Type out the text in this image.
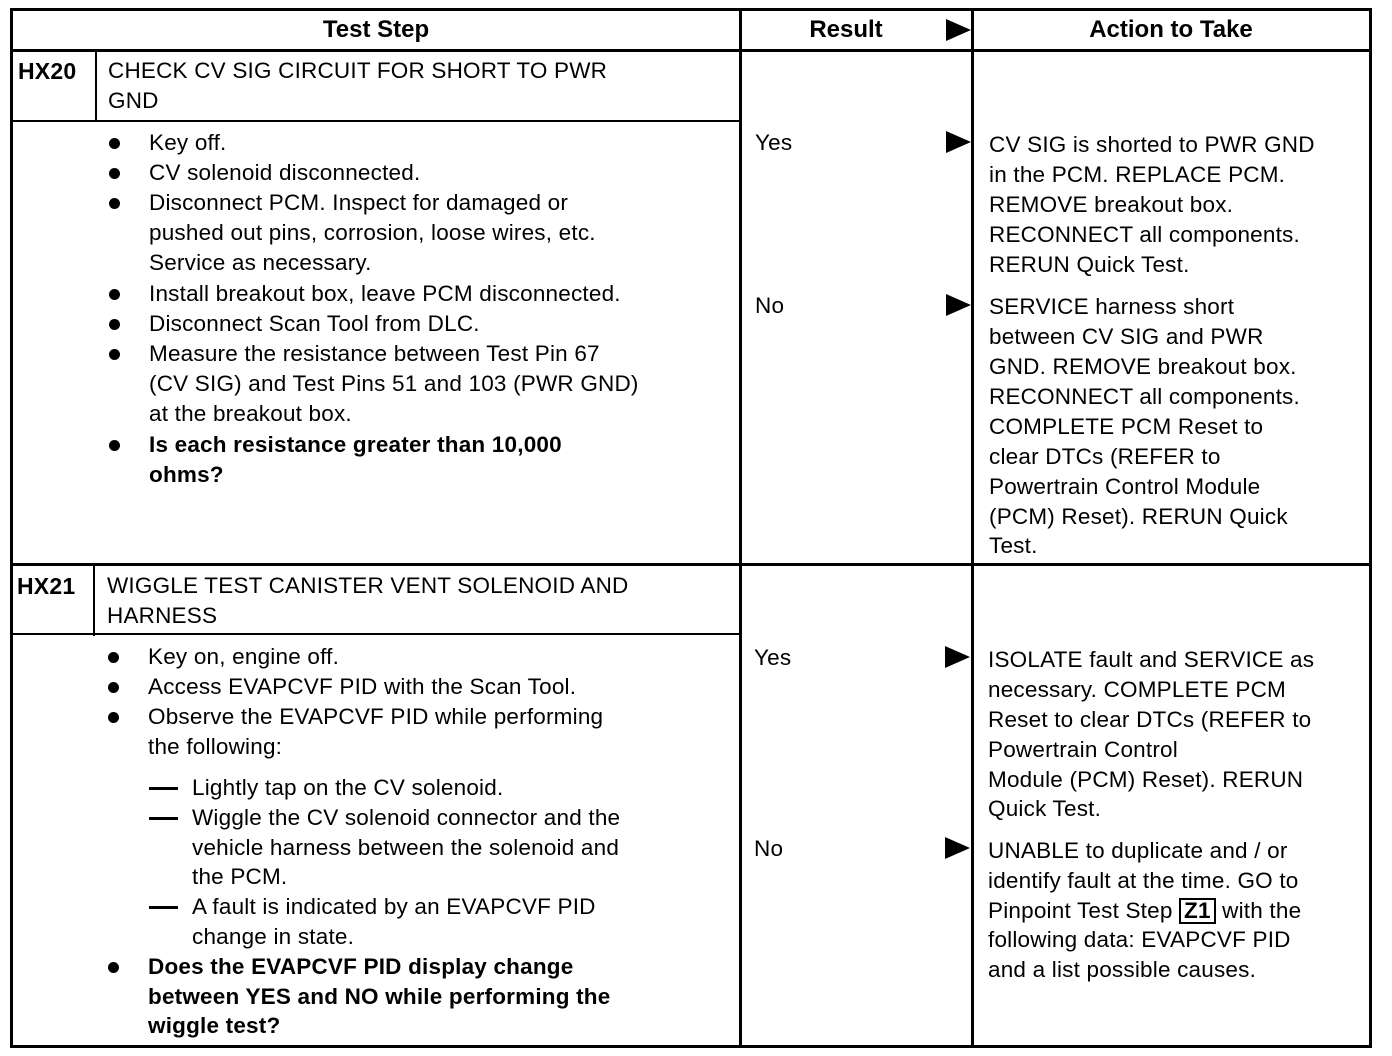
Test Step	Result	Action to Take
HX20 CHECK CV SIG CIRCUIT FOR SHORT TO PWR
GND
Key off.
CV solenoid disconnected.
Disconnect PCM. Inspect for damaged or
pushed out pins, corrosion, loose wires, etc.
Service as necessary.
Install breakout box, leave PCM disconnected.
Disconnect Scan Tool from DLC.
Measure the resistance between Test Pin 67
(CV SIG) and Test Pins 51 and 103 (PWR GND)
at the breakout box.
Is each resistance greater than 10,000
ohms?
Yes	CV SIG is shorted to PWR GND
in the PCM. REPLACE PCM.
REMOVE breakout box.
RECONNECT all components.
RERUN Quick Test.
No	SERVICE harness short
between CV SIG and PWR
GND. REMOVE breakout box.
RECONNECT all components.
COMPLETE PCM Reset to
clear DTCs (REFER to
Powertrain Control Module
(PCM) Reset). RERUN Quick
Test.
HX21 WIGGLE TEST CANISTER VENT SOLENOID AND
HARNESS
Key on, engine off.
Access EVAPCVF PID with the Scan Tool.
Observe the EVAPCVF PID while performing
the following:
Lightly tap on the CV solenoid.
Wiggle the CV solenoid connector and the
vehicle harness between the solenoid and
the PCM.
A fault is indicated by an EVAPCVF PID
change in state.
Does the EVAPCVF PID display change
between YES and NO while performing the
wiggle test?
Yes	ISOLATE fault and SERVICE as
necessary. COMPLETE PCM
Reset to clear DTCs (REFER to
Powertrain Control
Module (PCM) Reset). RERUN
Quick Test.
No	UNABLE to duplicate and / or
identify fault at the time. GO to
Pinpoint Test Step Z1 with the
following data: EVAPCVF PID
and a list possible causes.
